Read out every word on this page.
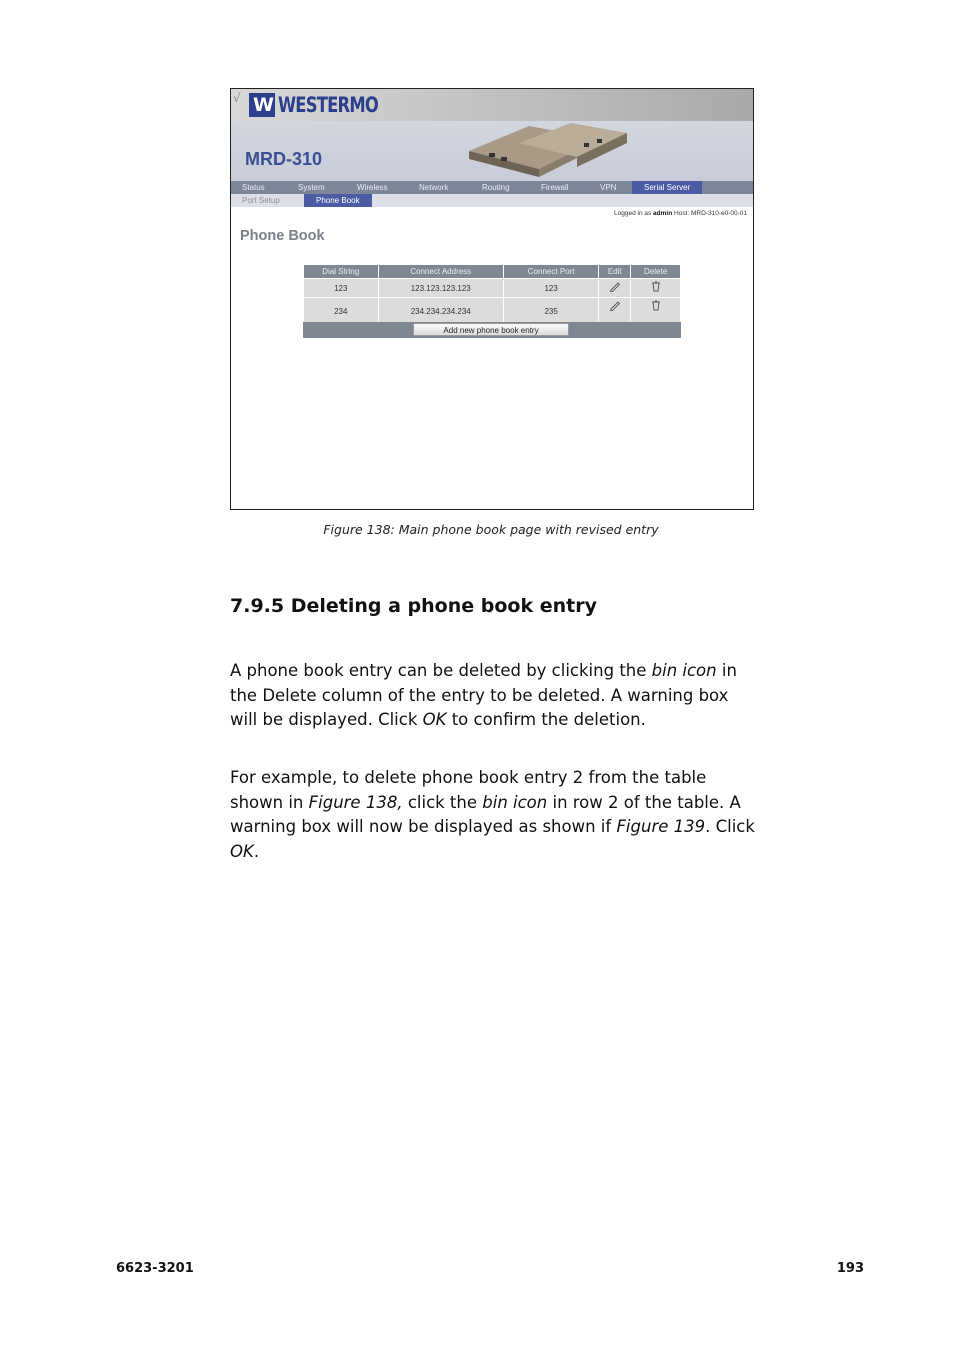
√ W WESTERMO
MRD-310
Status	System	Wireless	Network	Routing	Firewall	VPN	Serial Server
Port Setup	Phone Book
Logged in as admin Host: MRD-310-e0-00-01
Phone Book
Dial String	Connect Address	Connect Port	Edit	Delete
123	123.123.123.123	123		
234	234.234.234.234	235		
Add new phone book entry
Figure 138: Main phone book page with revised entry
7.9.5 Deleting a phone book entry

A phone book entry can be deleted by clicking the bin icon in the Delete column of the entry to be deleted. A warning box will be displayed. Click OK to confirm the deletion.

For example, to delete phone book entry 2 from the table shown in Figure 138, click the bin icon in row 2 of the table. A warning box will now be displayed as shown if Figure 139. Click OK.

6623-3201	193
